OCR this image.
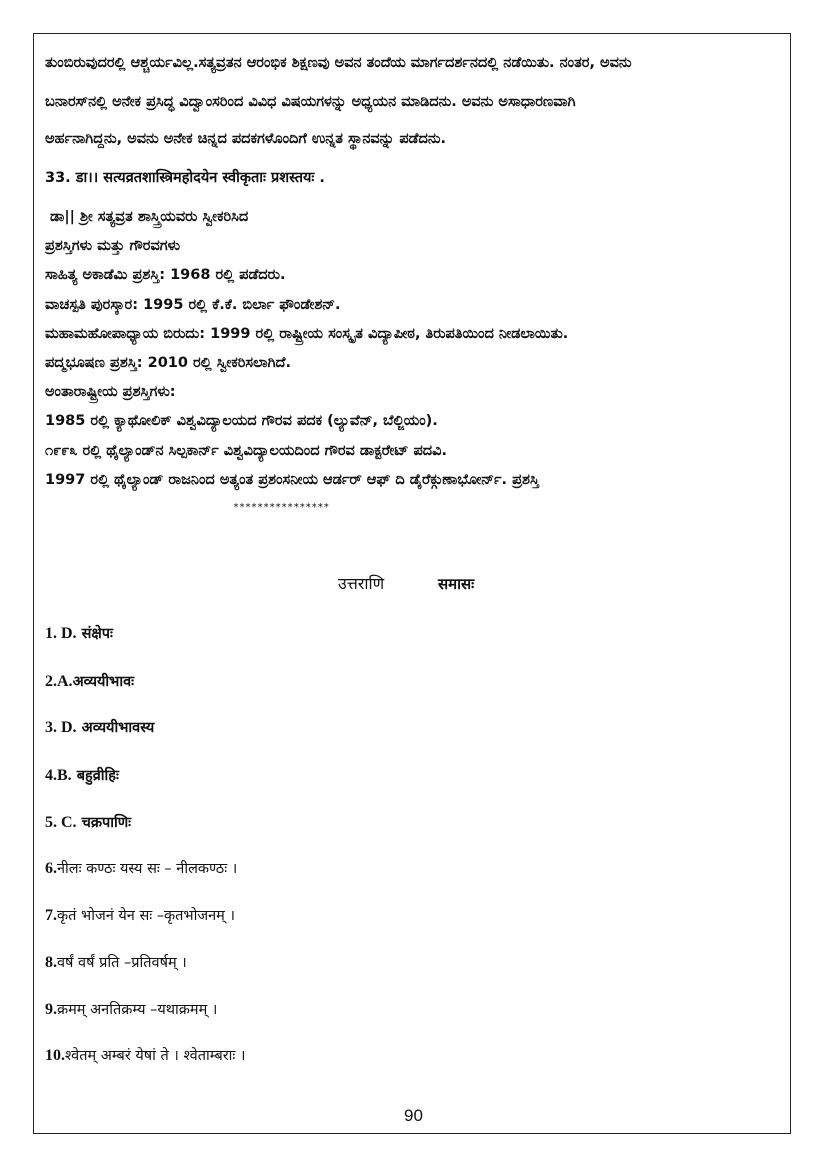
ತುಂಬಿರುವುದರಲ್ಲಿ ಆಶ್ಚರ್ಯವಿಲ್ಲ.ಸತ್ಯವ್ರತನ ಆರಂಭಿಕ ಶಿಕ್ಷಣವು ಅವನ ತಂದೆಯ ಮಾರ್ಗದರ್ಶನದಲ್ಲಿ ನಡೆಯಿತು. ನಂತರ, ಅವನು
ಬನಾರಸ್‌ನಲ್ಲಿ ಅನೇಕ ಪ್ರಸಿದ್ಧ ವಿದ್ವಾಂಸರಿಂದ ವಿವಿಧ ವಿಷಯಗಳನ್ನು ಅಧ್ಯಯನ ಮಾಡಿದನು. ಅವನು ಅಸಾಧಾರಣವಾಗಿ
ಅರ್ಹನಾಗಿದ್ದನು, ಅವನು ಅನೇಕ ಚಿನ್ನದ ಪದಕಗಳೊಂದಿಗೆ ಉನ್ನತ ಸ್ಥಾನವನ್ನು ಪಡೆದನು.
33. डा।। सत्यव्रतशास्त्रिमहोदयेन स्वीकृताः प्रशस्तयः .
ಡಾ|| ಶ್ರೀ ಸತ್ಯವ್ರತ ಶಾಸ್ತ್ರಿಯವರು ಸ್ವೀಕರಿಸಿದ
ಪ್ರಶಸ್ತಿಗಳು ಮತ್ತು ಗೌರವಗಳು
ಸಾಹಿತ್ಯ ಅಕಾಡೆಮಿ ಪ್ರಶಸ್ತಿ: 1968 ರಲ್ಲಿ ಪಡೆದರು.
ವಾಚಸ್ಪತಿ ಪುರಸ್ಕಾರ: 1995 ರಲ್ಲಿ ಕೆ.ಕೆ. ಬಿರ್ಲಾ ಫೌಂಡೇಶನ್.
ಮಹಾಮಹೋಪಾಧ್ಯಾಯ ಬಿರುದು: 1999 ರಲ್ಲಿ ರಾಷ್ಟ್ರೀಯ ಸಂಸ್ಕೃತ ವಿದ್ಯಾಪೀಠ, ತಿರುಪತಿಯಿಂದ ನೀಡಲಾಯಿತು.
ಪದ್ಮಭೂಷಣ ಪ್ರಶಸ್ತಿ: 2010 ರಲ್ಲಿ ಸ್ವೀಕರಿಸಲಾಗಿದೆ.
ಅಂತಾರಾಷ್ಟ್ರೀಯ ಪ್ರಶಸ್ತಿಗಳು:
1985 ರಲ್ಲಿ ಕ್ಯಾಥೋಲಿಕ್ ವಿಶ್ವವಿದ್ಯಾಲಯದ ಗೌರವ ಪದಕ (ಲ್ಯುವೆನ್, ಬೆಲ್ಜಿಯಂ).
೧೯೯೩ ರಲ್ಲಿ ಥೈಲ್ಯಾಂಡ್‌ನ ಸಿಲ್ಪಕಾರ್ನ್ ವಿಶ್ವವಿದ್ಯಾಲಯದಿಂದ ಗೌರವ ಡಾಕ್ಟರೇಟ್ ಪದವಿ.
1997 ರಲ್ಲಿ ಥೈಲ್ಯಾಂಡ್ ರಾಜನಿಂದ ಅತ್ಯಂತ ಪ್ರಶಂಸನೀಯ ಆರ್ಡರ್ ಆಫ್ ದಿ ಡೈರೆಕ್ಗುಣಾಭೋರ್ನ್. ಪ್ರಶಸ್ತಿ
****************
उत्तराणि	समासः
1. D. संक्षेपः
2.A.अव्ययीभावः
3. D. अव्ययीभावस्य
4.B. बहुव्रीहिः
5. C. चक्रपाणिः
6.नीलः कण्ठः यस्य सः – नीलकण्ठः ।
7.कृतं भोजनं येन सः –कृतभोजनम् ।
8.वर्षं वर्षं प्रति –प्रतिवर्षम् ।
9.क्रमम् अनतिक्रम्य –यथाक्रमम् ।
10.श्वेतम् अम्बरं येषां ते । श्वेताम्बराः ।
90
